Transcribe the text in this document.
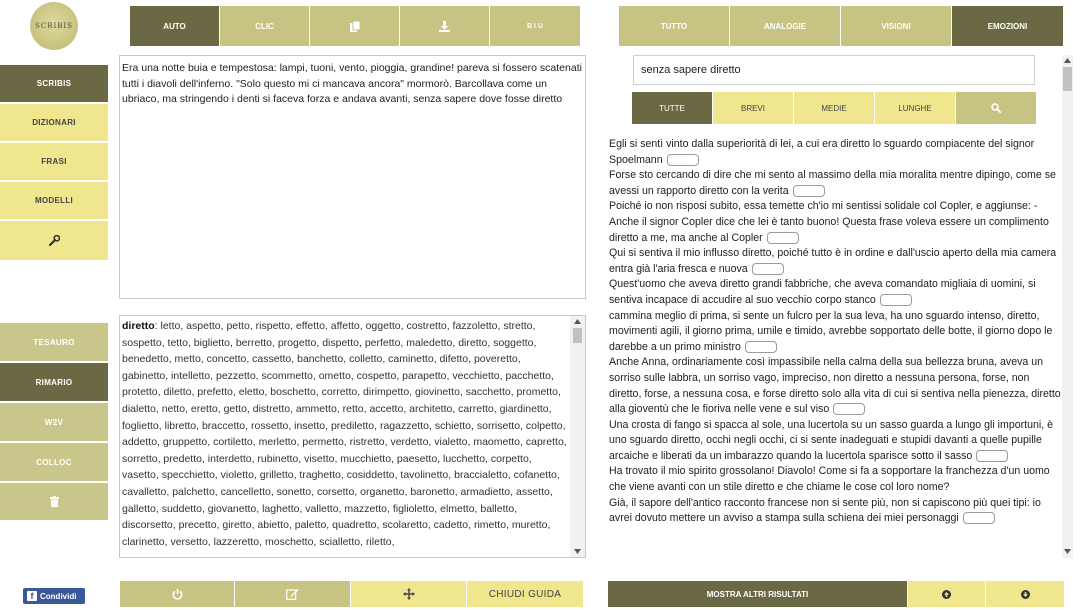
SCRIBIS	AUTO	CLIC	B I U
SCRIBIS
DIZIONARI
FRASI
MODELLI
TESAURO
RIMARIO
W2V
COLLOC
Era una notte buia e tempestosa: lampi, tuoni, vento, pioggia, grandine! pareva si fossero scatenati tutti i diavoli dell'inferno. "Solo questo mi ci mancava ancora" mormorò. Barcollava come un ubriaco, ma stringendo i denti si faceva forza e andava avanti, senza sapere dove fosse diretto
diretto: letto, aspetto, petto, rispetto, effetto, affetto, oggetto, costretto, fazzoletto, stretto, sospetto, tetto, biglietto, berretto, progetto, dispetto, perfetto, maledetto, diretto, soggetto, benedetto, metto, concetto, cassetto, banchetto, colletto, caminetto, difetto, poveretto, gabinetto, intelletto, pezzetto, scommetto, ometto, cospetto, parapetto, vecchietto, pacchetto, protetto, diletto, prefetto, eletto, boschetto, corretto, dirimpetto, giovinetto, sacchetto, prometto, dialetto, netto, eretto, getto, distretto, ammetto, retto, accetto, architetto, carretto, giardinetto, foglietto, libretto, braccetto, rossetto, insetto, prediletto, ragazzetto, schietto, sorrisetto, colpetto, addetto, gruppetto, cortiletto, merletto, permetto, ristretto, verdetto, vialetto, maometto, capretto, sorretto, predetto, interdetto, rubinetto, visetto, mucchietto, paesetto, lucchetto, corpetto, vasetto, specchietto, violetto, grilletto, traghetto, cosiddetto, tavolinetto, braccialetto, cofanetto, cavalletto, palchetto, cancelletto, sonetto, corsetto, organetto, baronetto, armadietto, assetto, galletto, suddetto, giovanetto, laghetto, valletto, mazzetto, figlioletto, elmetto, balletto, discorsetto, precetto, giretto, abietto, paletto, quadretto, scolaretto, cadetto, rimetto, muretto, clarinetto, versetto, lazzeretto, moschetto, scialletto, riletto,
CHIUDI GUIDA
f Condividi
TUTTO	ANALOGIE	VISIONI	EMOZIONI
senza sapere diretto
TUTTE	BREVI	MEDIE	LUNGHE
Egli si sentì vinto dalla superiorità di lei, a cui era diretto lo sguardo compiacente del signor Spoelmann
Forse sto cercando di dire che mi sento al massimo della mia moralita mentre dipingo, come se avessi un rapporto diretto con la verita
Poiché io non risposi subito, essa temette ch'io mi sentissi solidale col Copler, e aggiunse: - Anche il signor Copler dice che lei è tanto buono! Questa frase voleva essere un complimento diretto a me, ma anche al Copler
Qui si sentiva il mio influsso diretto, poiché tutto è in ordine e dall'uscio aperto della mia camera entra già l'aria fresca e nuova
Quest'uomo che aveva diretto grandi fabbriche, che aveva comandato migliaia di uomini, si sentiva incapace di accudire al suo vecchio corpo stanco
cammina meglio di prima, si sente un fulcro per la sua leva, ha uno sguardo intenso, diretto, movimenti agili, il giorno prima, umile e timido, avrebbe sopportato delle botte, il giorno dopo le darebbe a un primo ministro
Anche Anna, ordinariamente così impassibile nella calma della sua bellezza bruna, aveva un sorriso sulle labbra, un sorriso vago, impreciso, non diretto a nessuna persona, forse, non diretto, forse, a nessuna cosa, e forse diretto solo alla vita di cui si sentiva nella pienezza, diretto alla gioventù che le fioriva nelle vene e sul viso
Una crosta di fango si spacca al sole, una lucertola su un sasso guarda a lungo gli importuni, è uno sguardo diretto, occhi negli occhi, ci si sente inadeguati e stupidi davanti a quelle pupille arcaiche e liberati da un imbarazzo quando la lucertola sparisce sotto il sasso
Ha trovato il mio spirito grossolano! Diavolo! Come si fa a sopportare la franchezza d'un uomo che viene avanti con un stile diretto e che chiame le cose col loro nome?
Già, il sapore dell'antico racconto francese non si sente più, non si capiscono più quei tipi: io avrei dovuto mettere un avviso a stampa sulla schiena dei miei personaggi
MOSTRA ALTRI RISULTATI
